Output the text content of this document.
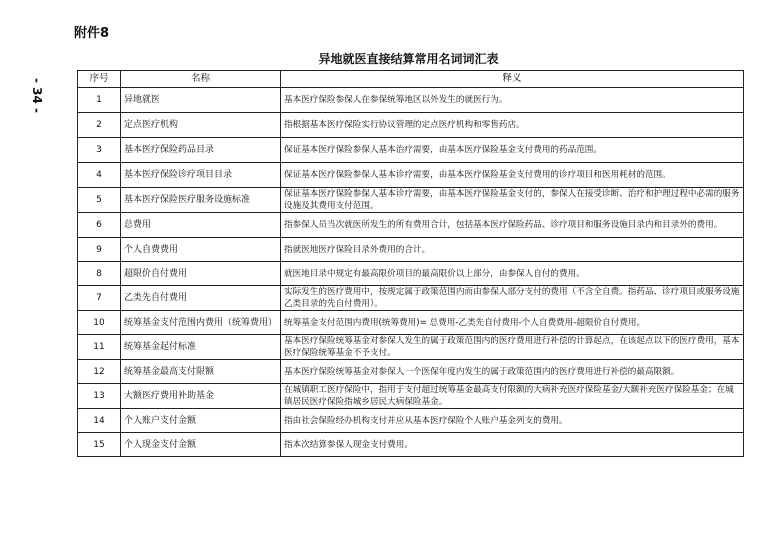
附件8
- 34 -
异地就医直接结算常用名词词汇表
序号	名称	释义
1	异地就医	基本医疗保险参保人在参保统筹地区以外发生的就医行为。
2	定点医疗机构	指根据基本医疗保险实行协议管理的定点医疗机构和零售药店。
3	基本医疗保险药品目录	保证基本医疗保险参保人基本治疗需要，由基本医疗保险基金支付费用的药品范围。
4	基本医疗保险诊疗项目目录	保证基本医疗保险参保人基本诊疗需要，由基本医疗保险基金支付费用的诊疗项目和医用耗材的范围。
5	基本医疗保险医疗服务设施标准	保证基本医疗保险参保人基本诊疗需要，由基本医疗保险基金支付的，参保人在接受诊断、治疗和护理过程中必需的服务设施及其费用支付范围。
6	总费用	指参保人员当次就医所发生的所有费用合计，包括基本医疗保险药品、诊疗项目和服务设施目录内和目录外的费用。
9	个人自费费用	指就医地医疗保险目录外费用的合计。
8	超限价自付费用	就医地目录中规定有最高限价项目的最高限价以上部分，由参保人自付的费用。
7	乙类先自付费用	实际发生的医疗费用中，按规定属于政策范围内而由参保人部分支付的费用（不含全自费。指药品、诊疗项目或服务设施乙类目录的先自付费用）。
10	统筹基金支付范围内费用（统筹费用）	统筹基金支付范围内费用(统筹费用)= 总费用-乙类先自付费用-个人自费费用-超限价自付费用。
11	统筹基金起付标准	基本医疗保险统筹基金对参保人发生的属于政策范围内的医疗费用进行补偿的计算起点，在该起点以下的医疗费用，基本医疗保险统筹基金不予支付。
12	统筹基金最高支付限额	基本医疗保险统筹基金对参保人一个医保年度内发生的属于政策范围内的医疗费用进行补偿的最高限额。
13	大额医疗费用补助基金	在城镇职工医疗保险中，指用于支付超过统筹基金最高支付限额的大病补充医疗保险基金/大额补充医疗保险基金；在城镇居民医疗保险指城乡居民大病保险基金。
14	个人账户支付金额	指由社会保险经办机构支付并应从基本医疗保险个人账户基金列支的费用。
15	个人现金支付金额	指本次结算参保人现金支付费用。
